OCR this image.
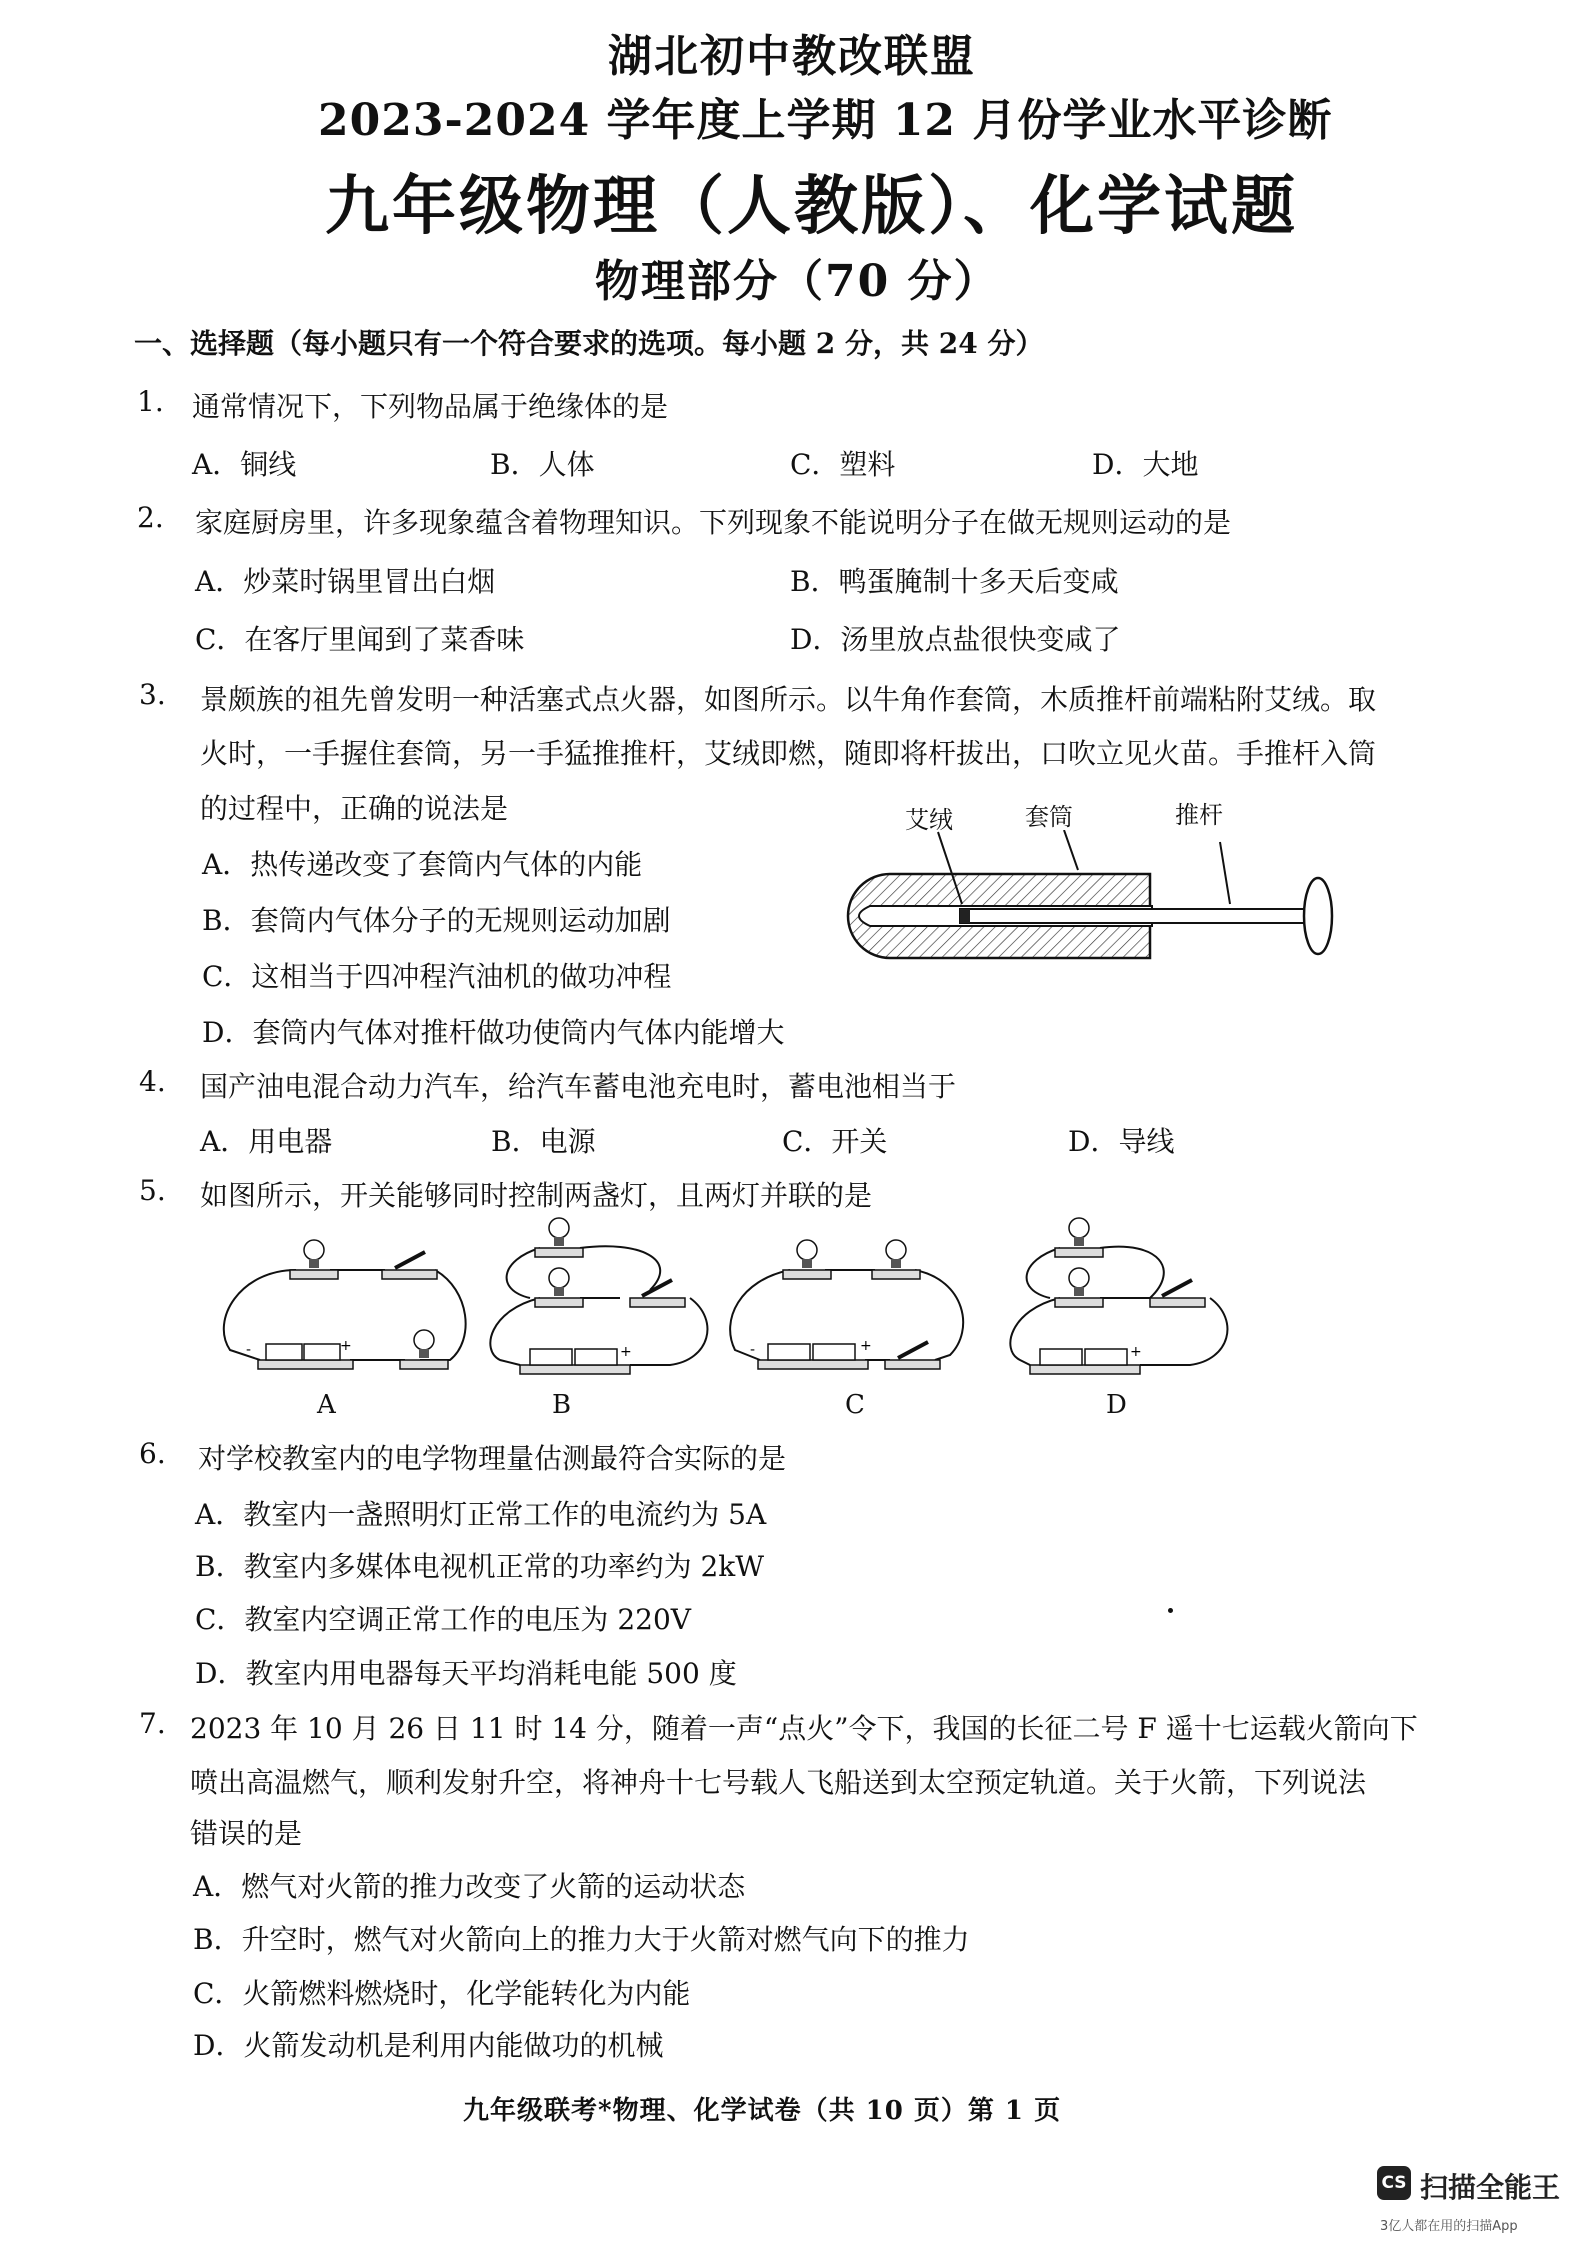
湖北初中教改联盟
2023-2024 学年度上学期 12 月份学业水平诊断
九年级物理（人教版）、化学试题
物理部分（70 分）
一、选择题（每小题只有一个符合要求的选项。每小题 2 分，共 24 分）
1. 通常情况下，下列物品属于绝缘体的是
A．铜线	B．人体	C．塑料	D．大地
2. 家庭厨房里，许多现象蕴含着物理知识。下列现象不能说明分子在做无规则运动的是
A．炒菜时锅里冒出白烟	B．鸭蛋腌制十多天后变咸
C．在客厅里闻到了菜香味	D．汤里放点盐很快变咸了
3. 景颇族的祖先曾发明一种活塞式点火器，如图所示。以牛角作套筒，木质推杆前端粘附艾绒。取
火时，一手握住套筒，另一手猛推推杆，艾绒即燃，随即将杆拔出，口吹立见火苗。手推杆入筒
的过程中，正确的说法是
A．热传递改变了套筒内气体的内能
B．套筒内气体分子的无规则运动加剧
C．这相当于四冲程汽油机的做功冲程
D．套筒内气体对推杆做功使筒内气体内能增大
艾绒	套筒	推杆
4. 国产油电混合动力汽车，给汽车蓄电池充电时，蓄电池相当于
A．用电器	B．电源	C．开关	D．导线
5. 如图所示，开关能够同时控制两盏灯，且两灯并联的是
-	+
A
+
B
-	+
C
+
D
6. 对学校教室内的电学物理量估测最符合实际的是
A．教室内一盏照明灯正常工作的电流约为 5A
B．教室内多媒体电视机正常的功率约为 2kW
C．教室内空调正常工作的电压为 220V
D．教室内用电器每天平均消耗电能 500 度
7. 2023 年 10 月 26 日 11 时 14 分，随着一声“点火”令下，我国的长征二号 F 遥十七运载火箭向下
喷出高温燃气，顺利发射升空，将神舟十七号载人飞船送到太空预定轨道。关于火箭，下列说法
错误的是
A．燃气对火箭的推力改变了火箭的运动状态
B．升空时，燃气对火箭向上的推力大于火箭对燃气向下的推力
C．火箭燃料燃烧时，化学能转化为内能
D．火箭发动机是利用内能做功的机械
九年级联考*物理、化学试卷（共 10 页）第 1 页
CS 扫描全能王
3亿人都在用的扫描App
